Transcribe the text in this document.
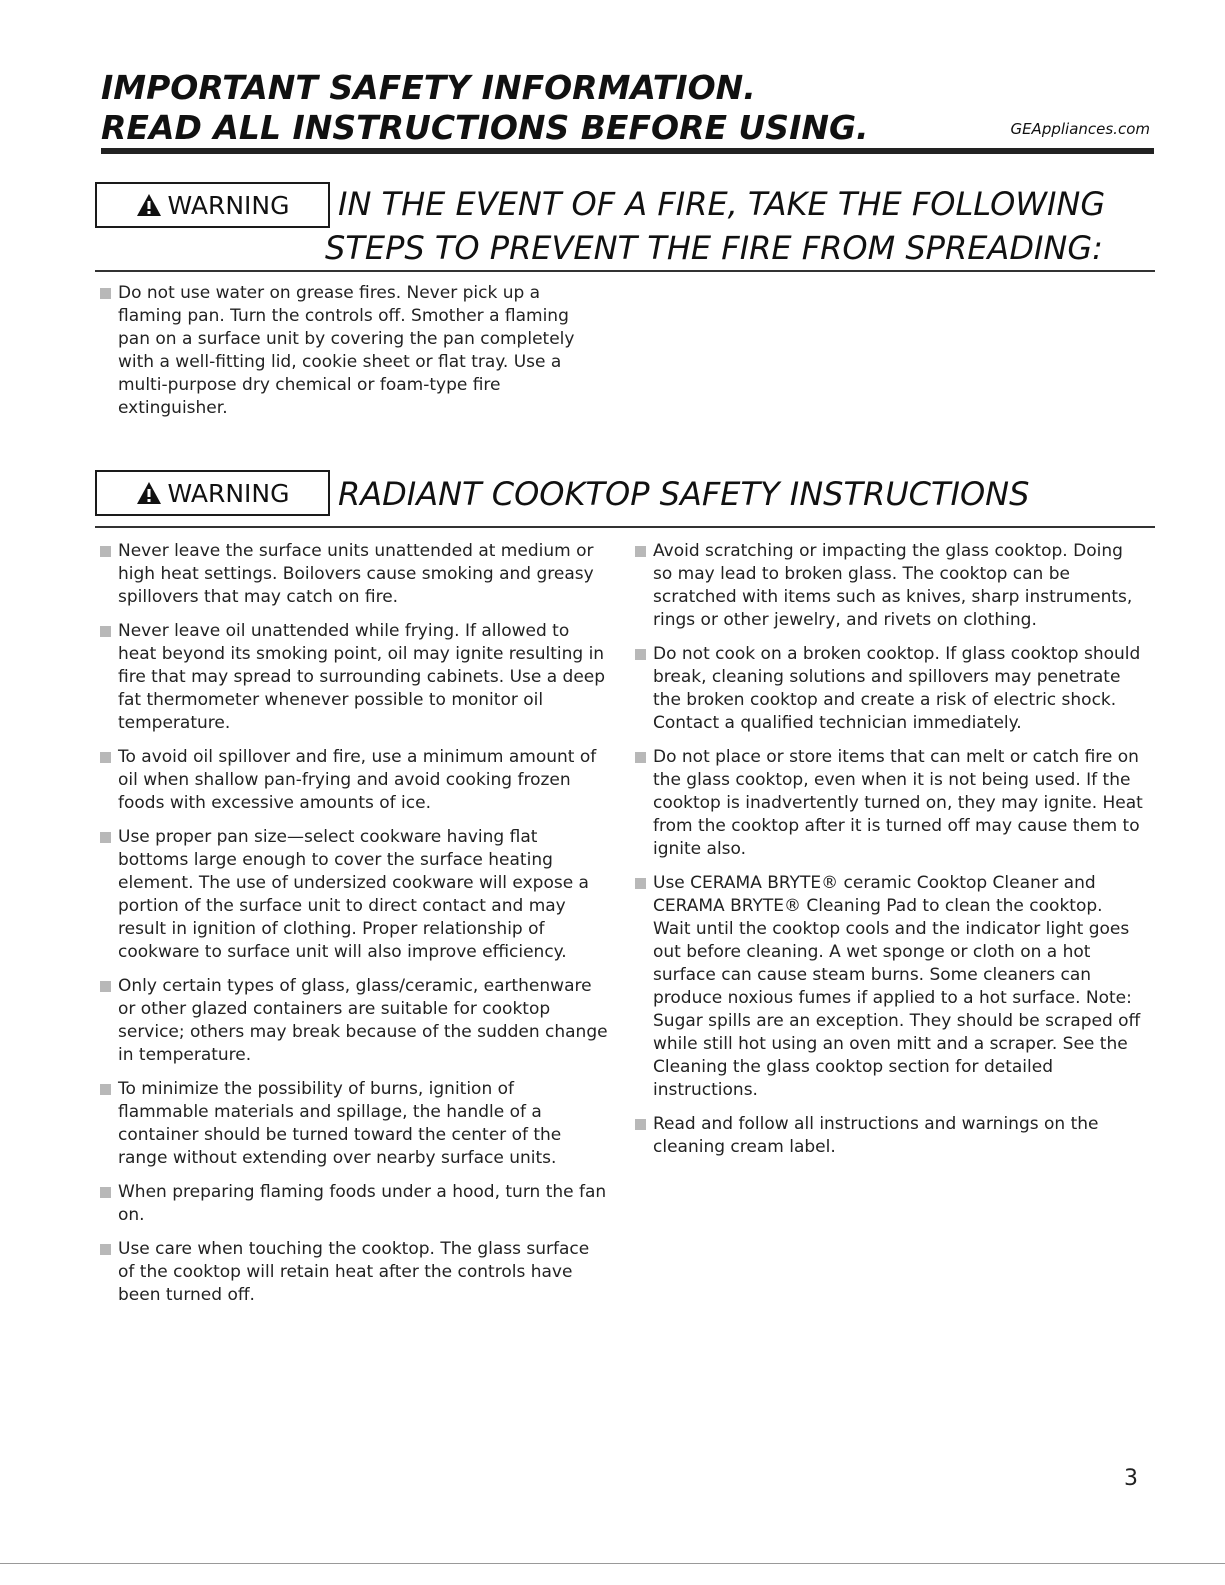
IMPORTANT SAFETY INFORMATION.
READ ALL INSTRUCTIONS BEFORE USING.	GEAppliances.com
WARNING IN THE EVENT OF A FIRE, TAKE THE FOLLOWING
STEPS TO PREVENT THE FIRE FROM SPREADING:
Do not use water on grease fires. Never pick up a flaming pan. Turn the controls off. Smother a flaming pan on a surface unit by covering the pan completely with a well-fitting lid, cookie sheet or flat tray. Use a multi-purpose dry chemical or foam-type fire extinguisher.
WARNING RADIANT COOKTOP SAFETY INSTRUCTIONS
Never leave the surface units unattended at medium or high heat settings. Boilovers cause smoking and greasy spillovers that may catch on fire.
Never leave oil unattended while frying. If allowed to heat beyond its smoking point, oil may ignite resulting in fire that may spread to surrounding cabinets. Use a deep fat thermometer whenever possible to monitor oil temperature.
To avoid oil spillover and fire, use a minimum amount of oil when shallow pan-frying and avoid cooking frozen foods with excessive amounts of ice.
Use proper pan size—select cookware having flat bottoms large enough to cover the surface heating element. The use of undersized cookware will expose a portion of the surface unit to direct contact and may result in ignition of clothing. Proper relationship of cookware to surface unit will also improve efficiency.
Only certain types of glass, glass/ceramic, earthenware or other glazed containers are suitable for cooktop service; others may break because of the sudden change in temperature.
To minimize the possibility of burns, ignition of flammable materials and spillage, the handle of a container should be turned toward the center of the range without extending over nearby surface units.
When preparing flaming foods under a hood, turn the fan on.
Use care when touching the cooktop. The glass surface of the cooktop will retain heat after the controls have been turned off.
Avoid scratching or impacting the glass cooktop. Doing so may lead to broken glass. The cooktop can be scratched with items such as knives, sharp instruments, rings or other jewelry, and rivets on clothing.
Do not cook on a broken cooktop. If glass cooktop should break, cleaning solutions and spillovers may penetrate the broken cooktop and create a risk of electric shock. Contact a qualified technician immediately.
Do not place or store items that can melt or catch fire on the glass cooktop, even when it is not being used. If the cooktop is inadvertently turned on, they may ignite. Heat from the cooktop after it is turned off may cause them to ignite also.
Use CERAMA BRYTE® ceramic Cooktop Cleaner and CERAMA BRYTE® Cleaning Pad to clean the cooktop. Wait until the cooktop cools and the indicator light goes out before cleaning. A wet sponge or cloth on a hot surface can cause steam burns. Some cleaners can produce noxious fumes if applied to a hot surface. Note: Sugar spills are an exception. They should be scraped off while still hot using an oven mitt and a scraper. See the Cleaning the glass cooktop section for detailed instructions.
Read and follow all instructions and warnings on the cleaning cream label.
3
